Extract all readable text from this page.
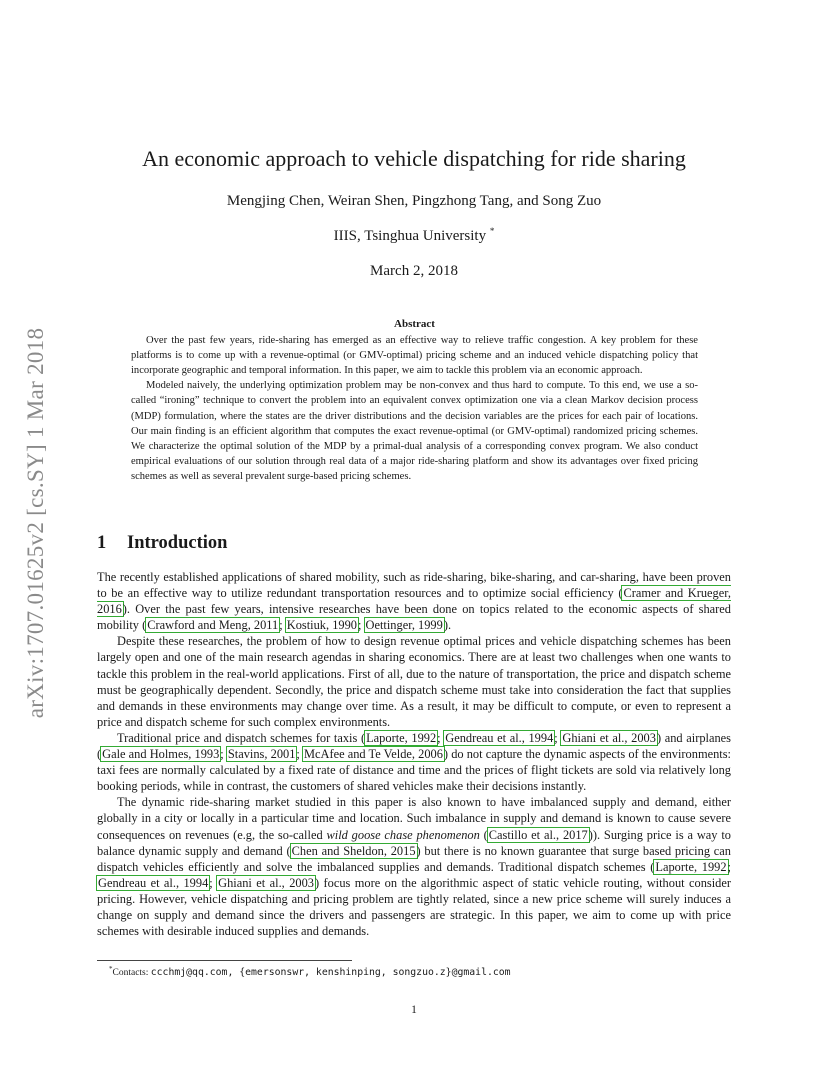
arXiv:1707.01625v2 [cs.SY] 1 Mar 2018
An economic approach to vehicle dispatching for ride sharing
Mengjing Chen, Weiran Shen, Pingzhong Tang, and Song Zuo
IIIS, Tsinghua University *
March 2, 2018
Abstract

Over the past few years, ride-sharing has emerged as an effective way to relieve traffic congestion. A key problem for these platforms is to come up with a revenue-optimal (or GMV-optimal) pricing scheme and an induced vehicle dispatching policy that incorporate geographic and temporal information. In this paper, we aim to tackle this problem via an economic approach.

Modeled naively, the underlying optimization problem may be non-convex and thus hard to compute. To this end, we use a so-called “ironing” technique to convert the problem into an equivalent convex optimization one via a clean Markov decision process (MDP) formulation, where the states are the driver distributions and the decision variables are the prices for each pair of locations. Our main finding is an efficient algorithm that computes the exact revenue-optimal (or GMV-optimal) randomized pricing schemes. We characterize the optimal solution of the MDP by a primal-dual analysis of a corresponding convex program. We also conduct empirical evaluations of our solution through real data of a major ride-sharing platform and show its advantages over fixed pricing schemes as well as several prevalent surge-based pricing schemes.

1 Introduction

The recently established applications of shared mobility, such as ride-sharing, bike-sharing, and car-sharing, have been proven to be an effective way to utilize redundant transportation resources and to optimize social efficiency (Cramer and Krueger, 2016). Over the past few years, intensive researches have been done on topics related to the economic aspects of shared mobility (Crawford and Meng, 2011; Kostiuk, 1990; Oettinger, 1999).

Despite these researches, the problem of how to design revenue optimal prices and vehicle dispatching schemes has been largely open and one of the main research agendas in sharing economics. There are at least two challenges when one wants to tackle this problem in the real-world applications. First of all, due to the nature of transportation, the price and dispatch scheme must be geographically dependent. Secondly, the price and dispatch scheme must take into consideration the fact that supplies and demands in these environments may change over time. As a result, it may be difficult to compute, or even to represent a price and dispatch scheme for such complex environments.

Traditional price and dispatch schemes for taxis (Laporte, 1992; Gendreau et al., 1994; Ghiani et al., 2003) and airplanes (Gale and Holmes, 1993; Stavins, 2001; McAfee and Te Velde, 2006) do not capture the dynamic aspects of the environments: taxi fees are normally calculated by a fixed rate of distance and time and the prices of flight tickets are sold via relatively long booking periods, while in contrast, the customers of shared vehicles make their decisions instantly.

The dynamic ride-sharing market studied in this paper is also known to have imbalanced supply and demand, either globally in a city or locally in a particular time and location. Such imbalance in supply and demand is known to cause severe consequences on revenues (e.g, the so-called wild goose chase phenomenon (Castillo et al., 2017)). Surging price is a way to balance dynamic supply and demand (Chen and Sheldon, 2015) but there is no known guarantee that surge based pricing can dispatch vehicles efficiently and solve the imbalanced supplies and demands. Traditional dispatch schemes (Laporte, 1992; Gendreau et al., 1994; Ghiani et al., 2003) focus more on the algorithmic aspect of static vehicle routing, without consider pricing. However, vehicle dispatching and pricing problem are tightly related, since a new price scheme will surely induces a change on supply and demand since the drivers and passengers are strategic. In this paper, we aim to come up with price schemes with desirable induced supplies and demands.

*Contacts: ccchmj@qq.com, {emersonswr, kenshinping, songzuo.z}@gmail.com
1
